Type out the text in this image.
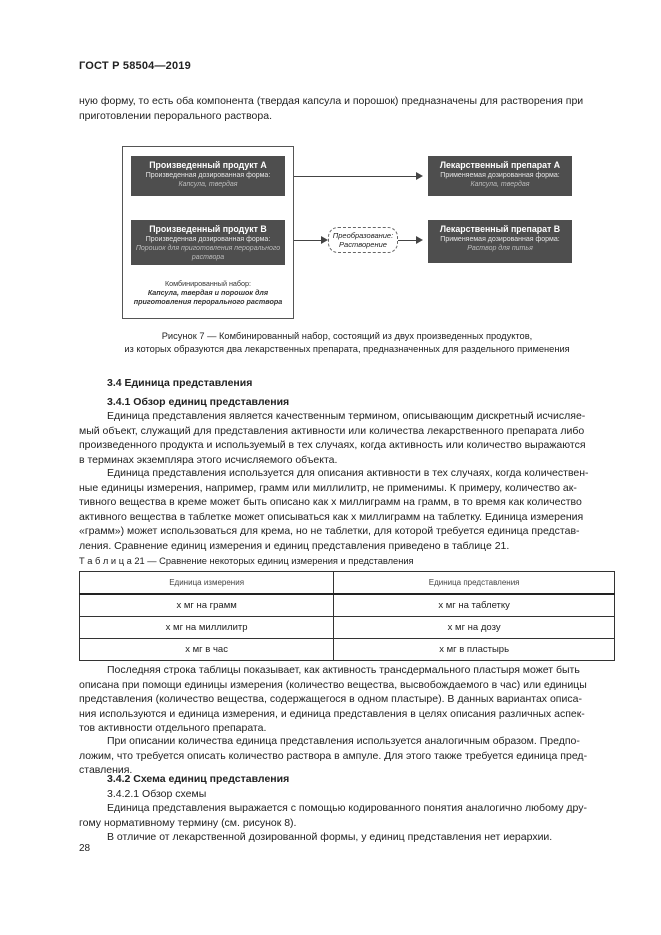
ГОСТ Р 58504—2019

ную форму, то есть оба компонента (твердая капсула и порошок) предназначены для растворения при
приготовлении перорального раствора.

Произведенный продукт А
Произведенная дозированная форма:
Капсула, твердая
Произведенный продукт В
Произведенная дозированная форма:
Порошок для приготовления перорального раствора
Комбинированный набор:
Капсула, твердая и порошок для приготовления перорального раствора
Преобразование: Растворение
Лекарственный препарат А
Применяемая дозированная форма:
Капсула, твердая
Лекарственный препарат В
Применяемая дозированная форма:
Раствор для питья
Рисунок 7 — Комбинированный набор, состоящий из двух произведенных продуктов,
из которых образуются два лекарственных препарата, предназначенных для раздельного применения
3.4 Единица представления
3.4.1 Обзор единиц представления

Единица представления является качественным термином, описывающим дискретный исчисляе-
мый объект, служащий для представления активности или количества лекарственного препарата либо
произведенного продукта и используемый в тех случаях, когда активность или количество выражаются
в терминах экземпляра этого исчисляемого объекта.

Единица представления используется для описания активности в тех случаях, когда количествен-
ные единицы измерения, например, грамм или миллилитр, не применимы. К примеру, количество ак-
тивного вещества в креме может быть описано как x миллиграмм на грамм, в то время как количество
активного вещества в таблетке может описываться как x миллиграмм на таблетку. Единица измерения
«грамм») может использоваться для крема, но не таблетки, для которой требуется единица представ-
ления. Сравнение единиц измерения и единиц представления приведено в таблице 21.

Т а б л и ц а 21 — Сравнение некоторых единиц измерения и представления
Единица измерения	Единица представления
x мг на грамм	x мг на таблетку
x мг на миллилитр	x мг на дозу
x мг в час	x мг в пластырь

Последняя строка таблицы показывает, как активность трансдермального пластыря может быть
описана при помощи единицы измерения (количество вещества, высвобождаемого в час) или единицы
представления (количество вещества, содержащегося в одном пластыре). В данных вариантах описа-
ния используются и единица измерения, и единица представления в целях описания различных аспек-
тов активности отдельного препарата.

При описании количества единица представления используется аналогичным образом. Предпо-
ложим, что требуется описать количество раствора в ампуле. Для этого также требуется единица пред-
ставления.

3.4.2 Схема единиц представления
3.4.2.1 Обзор схемы

Единица представления выражается с помощью кодированного понятия аналогично любому дру-
гому нормативному термину (см. рисунок 8).

В отличие от лекарственной дозированной формы, у единиц представления нет иерархии.

28
